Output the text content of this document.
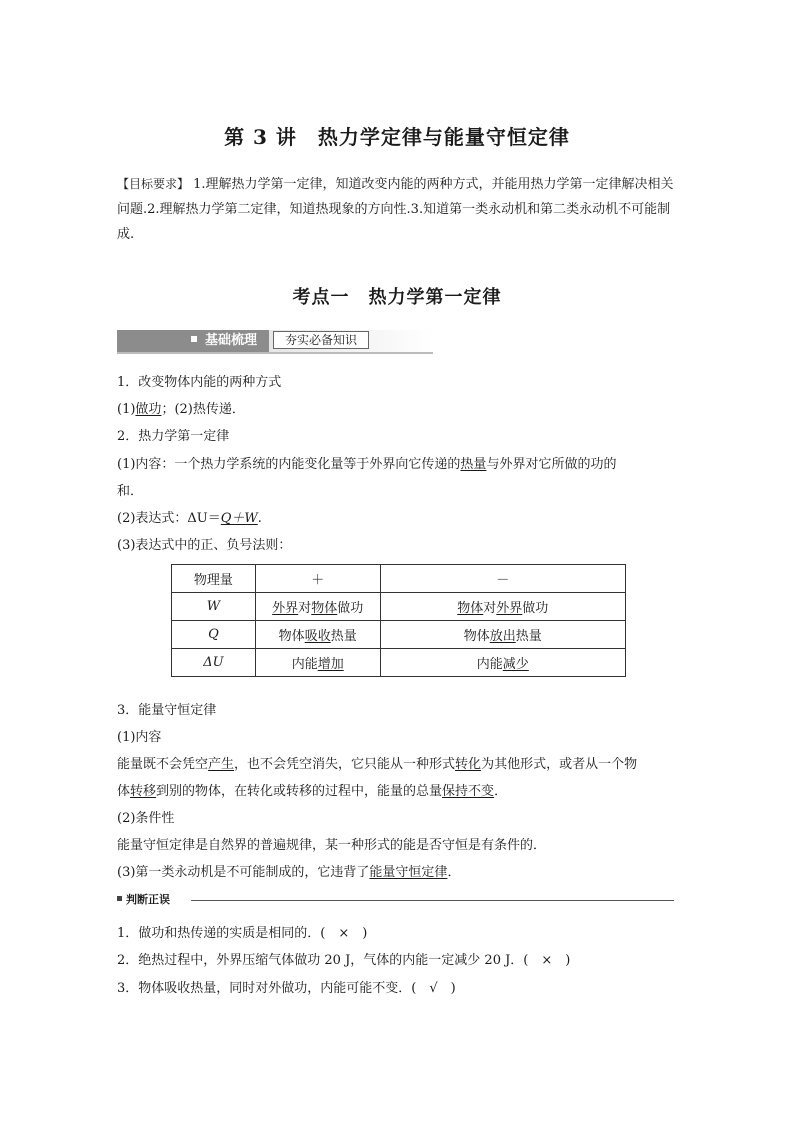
第 3 讲　热力学定律与能量守恒定律
【目标要求】 1.理解热力学第一定律，知道改变内能的两种方式，并能用热力学第一定律解决相关问题.2.理解热力学第二定律，知道热现象的方向性.3.知道第一类永动机和第二类永动机不可能制成.
考点一　热力学第一定律
基础梳理	夯实必备知识
1．改变物体内能的两种方式
(1)做功；(2)热传递．
2．热力学第一定律
(1)内容：一个热力学系统的内能变化量等于外界向它传递的热量与外界对它所做的功的
和．
(2)表达式：ΔU＝Q＋W.
(3)表达式中的正、负号法则：
物理量	＋	－
W	外界对物体做功	物体对外界做功
Q	物体吸收热量	物体放出热量
ΔU	内能增加	内能减少
3．能量守恒定律
(1)内容
能量既不会凭空产生，也不会凭空消失，它只能从一种形式转化为其他形式，或者从一个物
体转移到别的物体，在转化或转移的过程中，能量的总量保持不变．
(2)条件性
能量守恒定律是自然界的普遍规律，某一种形式的能是否守恒是有条件的．
(3)第一类永动机是不可能制成的，它违背了能量守恒定律．
判断正误
1．做功和热传递的实质是相同的．(　×　)
2．绝热过程中，外界压缩气体做功 20 J，气体的内能一定减少 20 J．(　×　)
3．物体吸收热量，同时对外做功，内能可能不变．(　√　)
